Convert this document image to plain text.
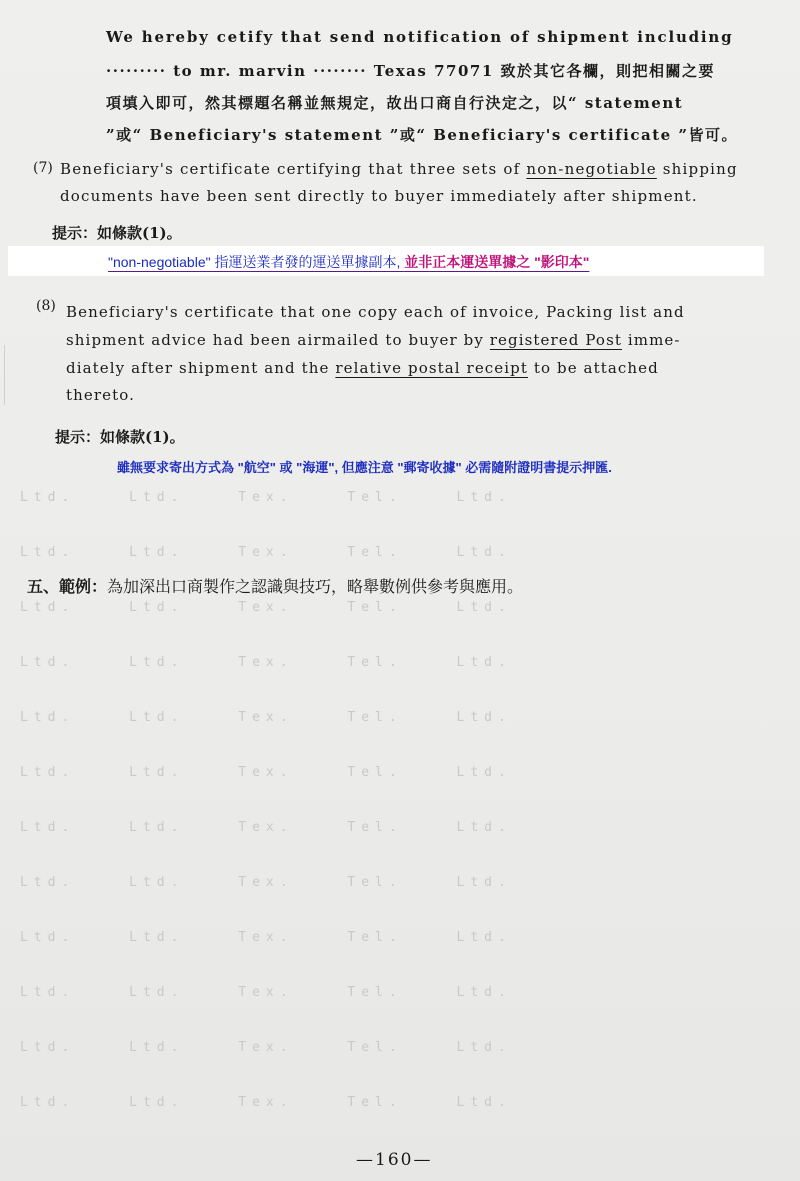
Ltd. Ltd. Tex. Tel. Ltd.
Ltd. Ltd. Tex. Tel. Ltd.
Ltd. Ltd. Tex. Tel. Ltd.
Ltd. Ltd. Tex. Tel. Ltd.
Ltd. Ltd. Tex. Tel. Ltd.
Ltd. Ltd. Tex. Tel. Ltd.
Ltd. Ltd. Tex. Tel. Ltd.
Ltd. Ltd. Tex. Tel. Ltd.
Ltd. Ltd. Tex. Tel. Ltd.
Ltd. Ltd. Tex. Tel. Ltd.
Ltd. Ltd. Tex. Tel. Ltd.
Ltd. Ltd. Tex. Tel. Ltd.
We hereby cetify that send notification of shipment including
········· to mr. marvin ········ Texas 77071 致於其它各欄，則把相關之要
項填入即可，然其標題名稱並無規定，故出口商自行決定之，以“ statement
”或“ Beneficiary's statement ”或“ Beneficiary's certificate ”皆可。
(7) Beneficiary's certificate certifying that three sets of non-negotiable shipping
documents have been sent directly to buyer immediately after shipment.
提示：如條款(1)。
"non-negotiable" 指運送業者發的運送單據副本, 並非正本運送單據之 "影印本"
(8) Beneficiary's certificate that one copy each of invoice, Packing list and
shipment advice had been airmailed to buyer by registered Post imme-
diately after shipment and the relative postal receipt to be attached
thereto.
提示：如條款(1)。
雖無要求寄出方式為 "航空" 或 "海運", 但應注意 "郵寄收據" 必需隨附證明書提示押匯.
五、範例：為加深出口商製作之認識與技巧，略舉數例供參考與應用。
—160—
